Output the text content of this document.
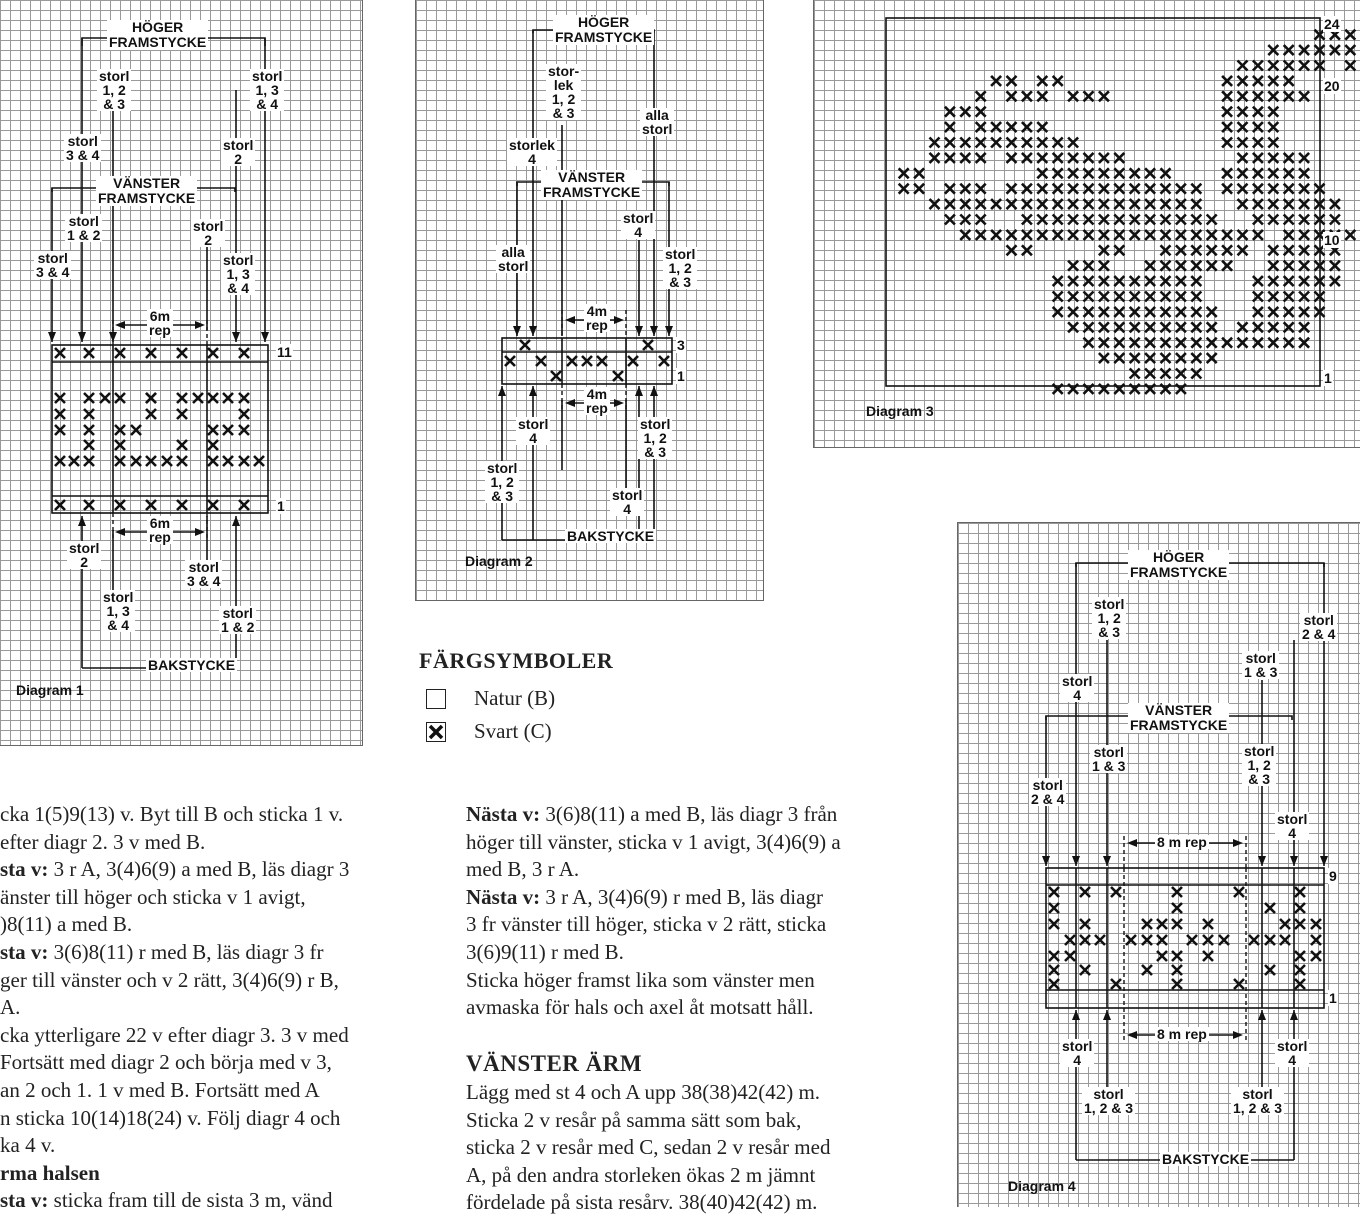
Diagram 1
Diagram 2
Diagram 3
Diagram 4
HÖGER
FRAMSTYCKE
VÄNSTER
FRAMSTYCKE
BAKSTYCKE
storl
1, 2
& 3
storl
1, 3
& 4
storl
3 & 4
storl
2
storl
1 & 2
storl
2
storl
3 & 4
storl
1, 3
& 4
storl
2	storl
3 & 4
storl
1, 3
& 4
storl
1 & 2
6m
rep
6m
rep
11
1
HÖGER
FRAMSTYCKE
VÄNSTER
FRAMSTYCKE
BAKSTYCKE
stor-
lek
1, 2
& 3	alla
storl
storlek
4
storl
4
alla
storl
storl
1, 2
& 3
storl
4
storl
1, 2
& 3
storl
1, 2
& 3	storl
4
4m
rep
4m
rep
3
1
24
20
10
1
HÖGER
FRAMSTYCKE
VÄNSTER
FRAMSTYCKE
BAKSTYCKE
storl
1, 2
& 3
storl
2 & 4
storl
4
storl
1 & 3
storl
2 & 4
storl
1 & 3
storl
1, 2
& 3
storl
4
storl
4
storl
4
storl
1, 2 & 3
storl
1, 2 & 3
8 m rep
8 m rep
9
1
FÄRGSYMBOLER
Natur (B)
Svart (C)
cka 1(5)9(13) v. Byt till B och sticka 1 v.
efter diagr 2. 3 v med B.
sta v: 3 r A, 3(4)6(9) a med B, läs diagr 3
änster till höger och sticka v 1 avigt,
)8(11) a med B.
sta v: 3(6)8(11) r med B, läs diagr 3 fr
ger till vänster och v 2 rätt, 3(4)6(9) r B,
A.
cka ytterligare 22 v efter diagr 3. 3 v med
Fortsätt med diagr 2 och börja med v 3,
an 2 och 1. 1 v med B. Fortsätt med A
n sticka 10(14)18(24) v. Följ diagr 4 och
ka 4 v.
rma halsen
sta v: sticka fram till de sista 3 m, vänd
Nästa v: 3(6)8(11) a med B, läs diagr 3 från
höger till vänster, sticka v 1 avigt, 3(4)6(9) a
med B, 3 r A.
Nästa v: 3 r A, 3(4)6(9) r med B, läs diagr
3 fr vänster till höger, sticka v 2 rätt, sticka
3(6)9(11) r med B.
Sticka höger framst lika som vänster men
avmaska för hals och axel åt motsatt håll.
VÄNSTER ÄRM
Lägg med st 4 och A upp 38(38)42(42) m.
Sticka 2 v resår på samma sätt som bak,
sticka 2 v resår med C, sedan 2 v resår med
A, på den andra storleken ökas 2 m jämnt
fördelade på sista resårv. 38(40)42(42) m.
